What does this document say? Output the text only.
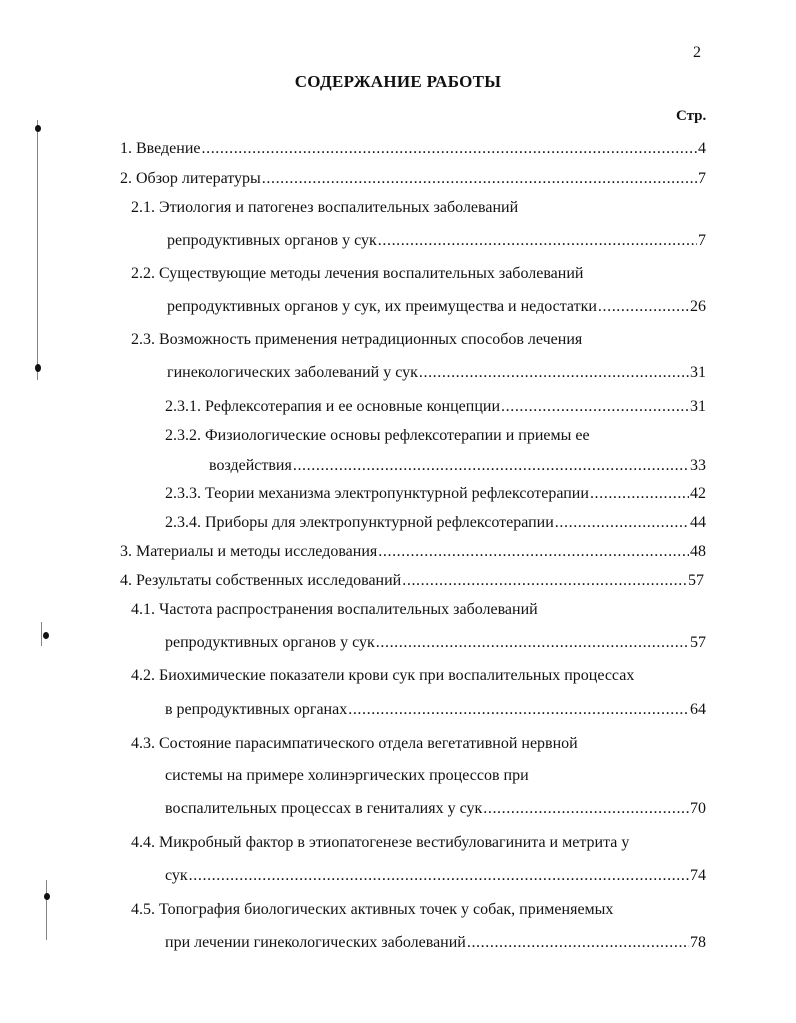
2
СОДЕРЖАНИЕ РАБОТЫ
Стр.
1. Введение .....	4
2. Обзор литературы .....	7
2.1. Этиология и патогенез воспалительных заболеваний
репродуктивных органов у сук .....	7
2.2. Существующие методы лечения воспалительных заболеваний
репродуктивных органов у сук, их преимущества и недостатки .....	26
2.3. Возможность применения нетрадиционных способов лечения
гинекологических заболеваний у сук .....	31
2.3.1. Рефлексотерапия и ее основные концепции .....	31
2.3.2. Физиологические основы рефлексотерапии и приемы ее
воздействия .....	33
2.3.3. Теории механизма электропунктурной рефлексотерапии .....	42
2.3.4. Приборы для электропунктурной рефлексотерапии .....	44
3. Материалы и методы исследования .....	48
4. Результаты собственных исследований .....	57
4.1. Частота распространения воспалительных заболеваний
репродуктивных органов у сук .....	57
4.2. Биохимические показатели крови сук при воспалительных процессах
в репродуктивных органах .....	64
4.3. Состояние парасимпатического отдела вегетативной нервной
системы на примере холинэргических процессов при
воспалительных процессах в гениталиях у сук .....	70
4.4. Микробный фактор в этиопатогенезе вестибуловагинита и метрита у
сук .....	74
4.5. Топография биологических активных точек у собак, применяемых
при лечении гинекологических заболеваний .....	78
